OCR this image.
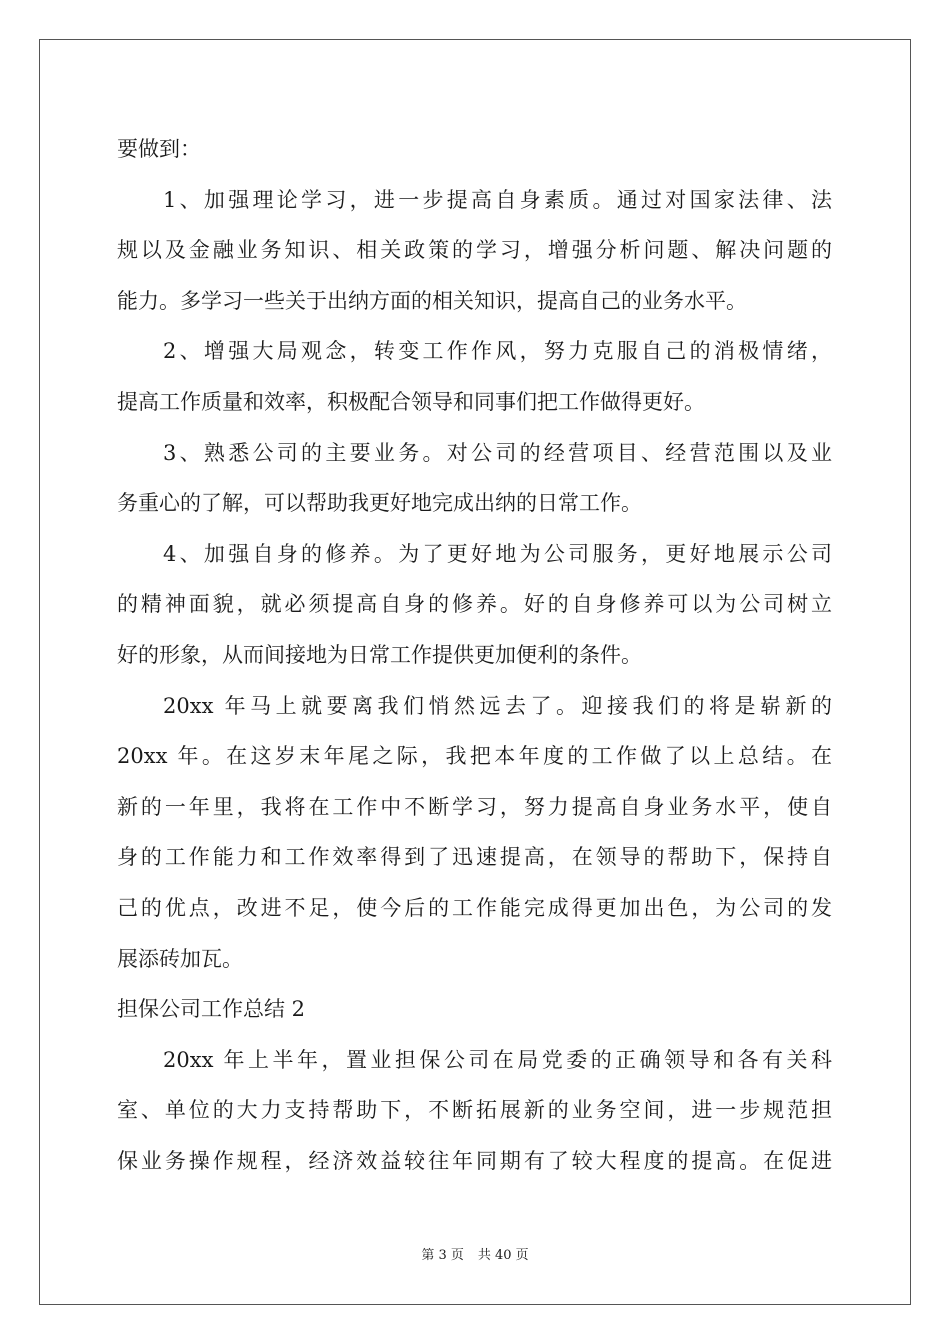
要做到：
1、加强理论学习，进一步提高自身素质。通过对国家法律、法
规以及金融业务知识、相关政策的学习，增强分析问题、解决问题的
能力。多学习一些关于出纳方面的相关知识，提高自己的业务水平。
2、增强大局观念，转变工作作风，努力克服自己的消极情绪，
提高工作质量和效率，积极配合领导和同事们把工作做得更好。
3、熟悉公司的主要业务。对公司的经营项目、经营范围以及业
务重心的了解，可以帮助我更好地完成出纳的日常工作。
4、加强自身的修养。为了更好地为公司服务，更好地展示公司
的精神面貌，就必须提高自身的修养。好的自身修养可以为公司树立
好的形象，从而间接地为日常工作提供更加便利的条件。
20xx 年马上就要离我们悄然远去了。迎接我们的将是崭新的
20xx 年。在这岁末年尾之际，我把本年度的工作做了以上总结。在
新的一年里，我将在工作中不断学习，努力提高自身业务水平，使自
身的工作能力和工作效率得到了迅速提高，在领导的帮助下，保持自
己的优点，改进不足，使今后的工作能完成得更加出色，为公司的发
展添砖加瓦。
担保公司工作总结 2
20xx 年上半年，置业担保公司在局党委的正确领导和各有关科
室、单位的大力支持帮助下，不断拓展新的业务空间，进一步规范担
保业务操作规程，经济效益较往年同期有了较大程度的提高。在促进
第 3 页 共 40 页
